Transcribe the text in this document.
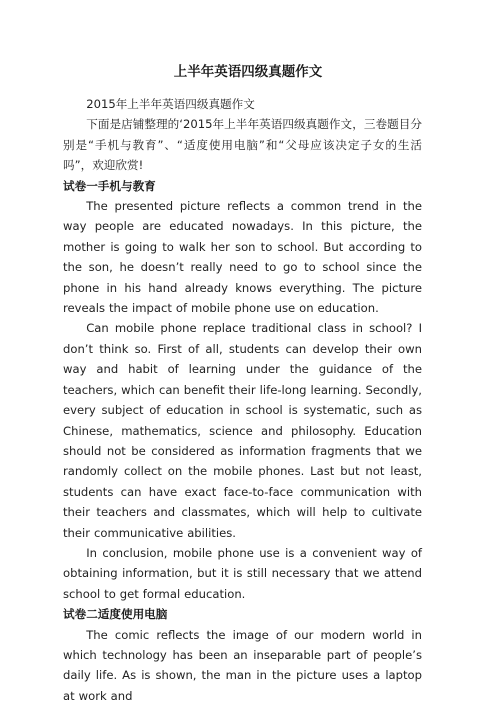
上半年英语四级真题作文

2015年上半年英语四级真题作文

下面是店铺整理的‘2015年上半年英语四级真题作文，三卷题目分别是“手机与教育”、“适度使用电脑”和“父母应该决定子女的生活吗”，欢迎欣赏!

试卷一手机与教育

The presented picture reflects a common trend in the way people are educated nowadays. In this picture, the mother is going to walk her son to school. But according to the son, he doesn’t really need to go to school since the phone in his hand already knows everything. The picture reveals the impact of mobile phone use on education.

Can mobile phone replace traditional class in school? I don’t think so. First of all, students can develop their own way and habit of learning under the guidance of the teachers, which can benefit their life-long learning. Secondly, every subject of education in school is systematic, such as Chinese, mathematics, science and philosophy. Education should not be considered as information fragments that we randomly collect on the mobile phones. Last but not least, students can have exact face-to-face communication with their teachers and classmates, which will help to cultivate their communicative abilities.

In conclusion, mobile phone use is a convenient way of obtaining information, but it is still necessary that we attend school to get formal education.

试卷二适度使用电脑

The comic reflects the image of our modern world in which technology has been an inseparable part of people’s daily life. As is shown, the man in the picture uses a laptop at work and
